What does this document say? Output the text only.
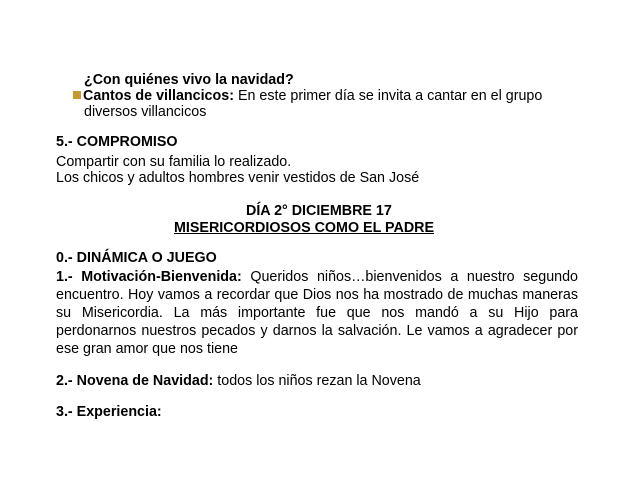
¿Con quiénes vivo la navidad?
Cantos de villancicos: En este primer día se invita a cantar en el grupo
diversos villancicos
5.- COMPROMISO
Compartir con su familia lo realizado.
Los chicos y adultos hombres venir vestidos de San José
DÍA 2° DICIEMBRE 17
MISERICORDIOSOS COMO EL PADRE
0.- DINÁMICA O JUEGO
1.- Motivación-Bienvenida: Queridos niños…bienvenidos a nuestro segundo encuentro. Hoy vamos a recordar que Dios nos ha mostrado de muchas maneras su Misericordia. La más importante fue que nos mandó a su Hijo para perdonarnos nuestros pecados y darnos la salvación. Le vamos a agradecer por ese gran amor que nos tiene
2.- Novena de Navidad: todos los niños rezan la Novena
3.- Experiencia:
